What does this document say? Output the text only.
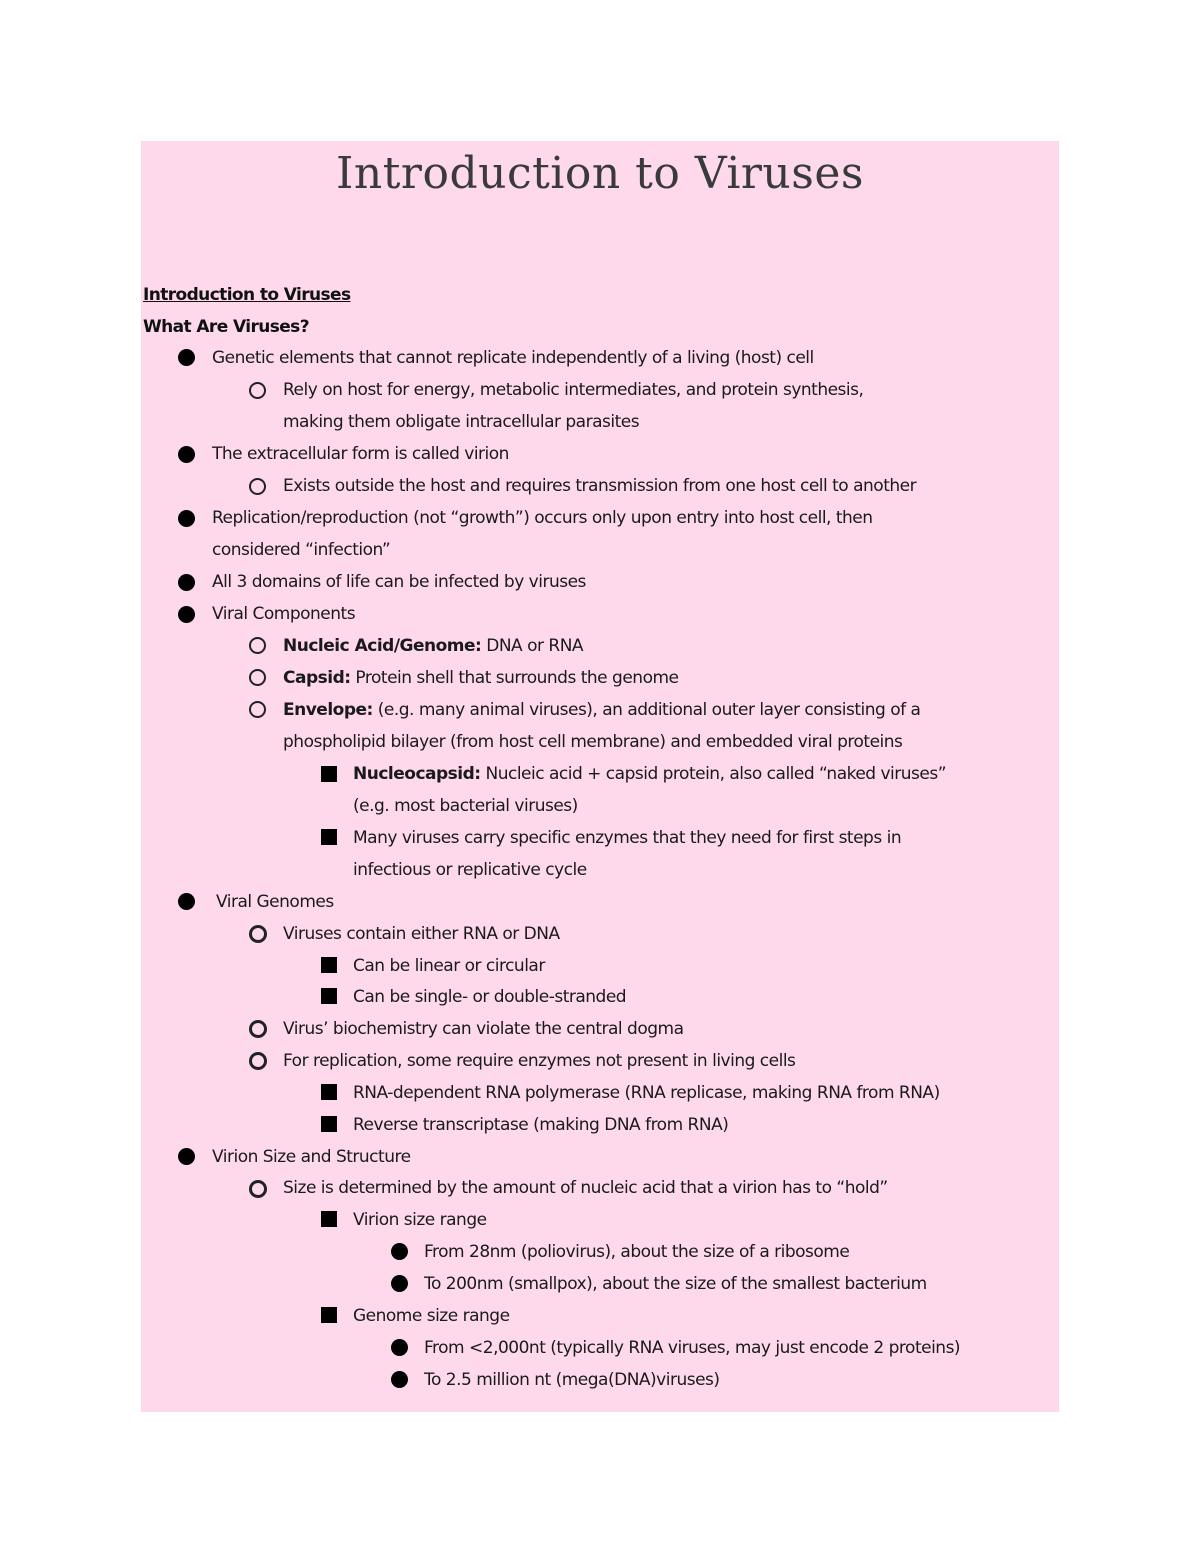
Introduction to Viruses
Introduction to Viruses
What Are Viruses?
Genetic elements that cannot replicate independently of a living (host) cell
Rely on host for energy, metabolic intermediates, and protein synthesis,
making them obligate intracellular parasites
The extracellular form is called virion
Exists outside the host and requires transmission from one host cell to another
Replication/reproduction (not “growth”) occurs only upon entry into host cell, then
considered “infection”
All 3 domains of life can be infected by viruses
Viral Components
Nucleic Acid/Genome: DNA or RNA
Capsid: Protein shell that surrounds the genome
Envelope: (e.g. many animal viruses), an additional outer layer consisting of a
phospholipid bilayer (from host cell membrane) and embedded viral proteins
Nucleocapsid: Nucleic acid + capsid protein, also called “naked viruses”
(e.g. most bacterial viruses)
Many viruses carry specific enzymes that they need for first steps in
infectious or replicative cycle
Viral Genomes
Viruses contain either RNA or DNA
Can be linear or circular
Can be single- or double-stranded
Virus’ biochemistry can violate the central dogma
For replication, some require enzymes not present in living cells
RNA-dependent RNA polymerase (RNA replicase, making RNA from RNA)
Reverse transcriptase (making DNA from RNA)
Virion Size and Structure
Size is determined by the amount of nucleic acid that a virion has to “hold”
Virion size range
From 28nm (poliovirus), about the size of a ribosome
To 200nm (smallpox), about the size of the smallest bacterium
Genome size range
From <2,000nt (typically RNA viruses, may just encode 2 proteins)
To 2.5 million nt (mega(DNA)viruses)
